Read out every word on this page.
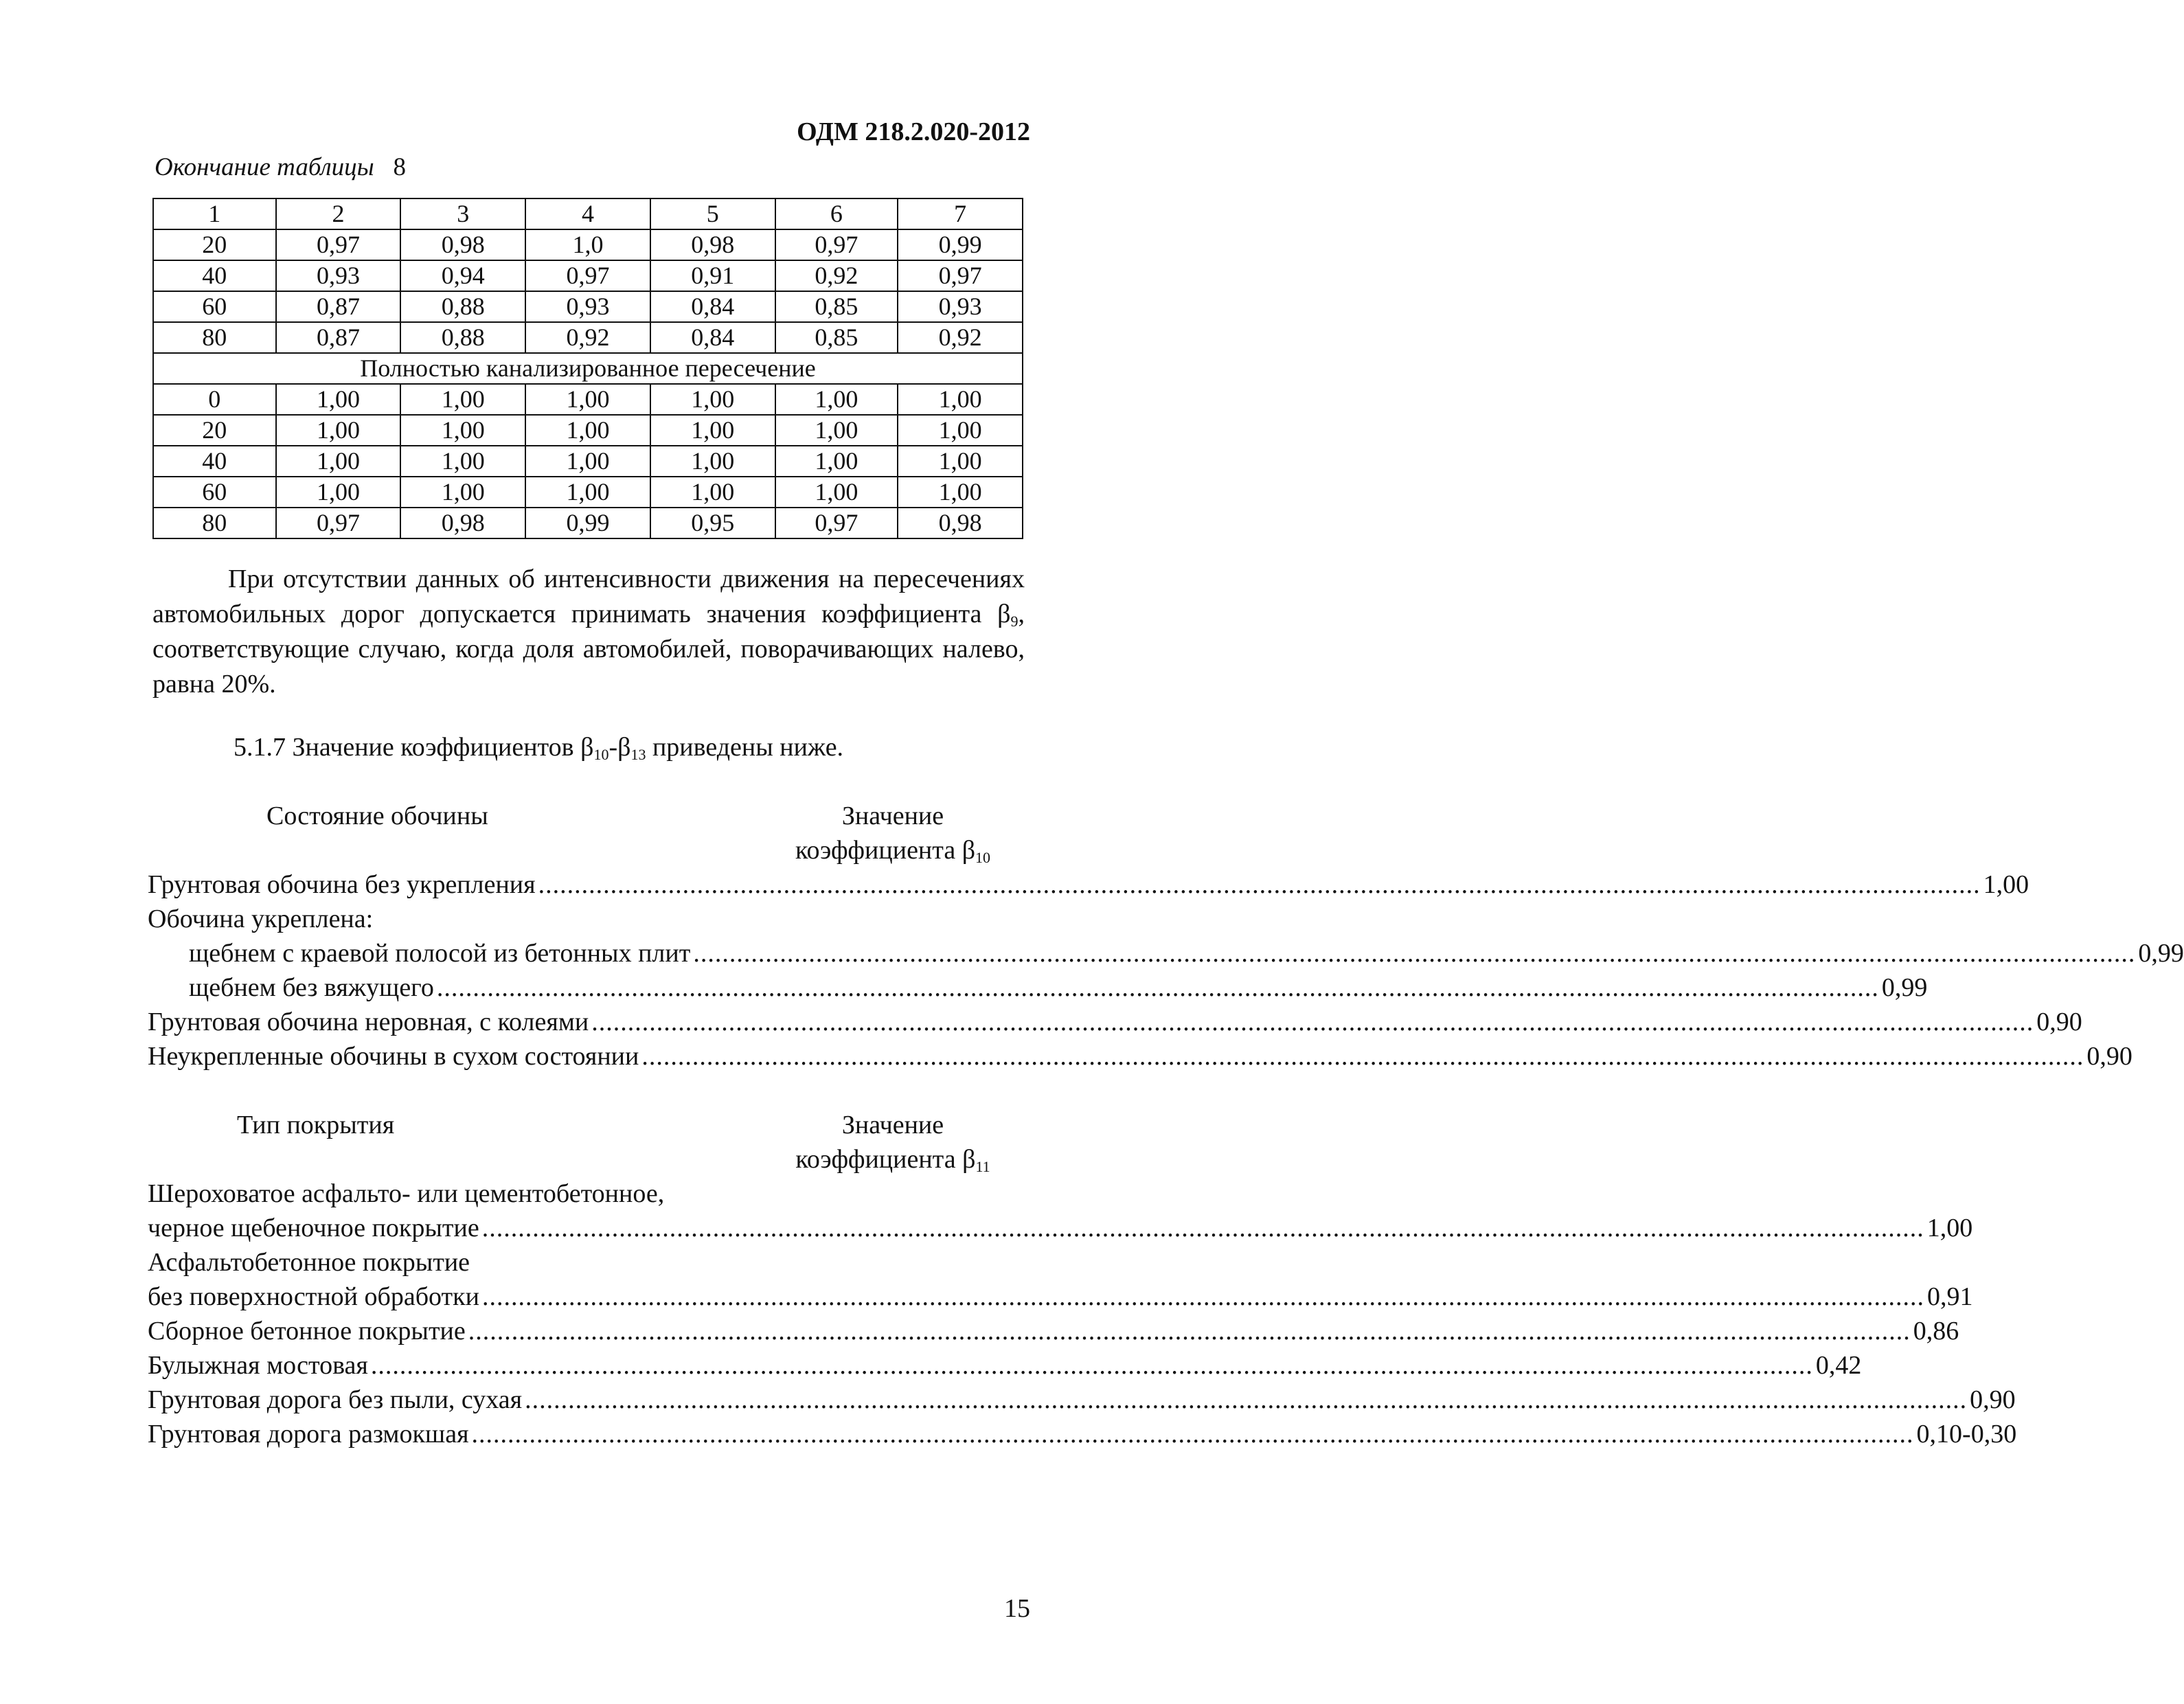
ОДМ 218.2.020-2012
Окончание таблицы 8
1	2	3	4	5	6	7
20	0,97	0,98	1,0	0,98	0,97	0,99
40	0,93	0,94	0,97	0,91	0,92	0,97
60	0,87	0,88	0,93	0,84	0,85	0,93
80	0,87	0,88	0,92	0,84	0,85	0,92
Полностью канализированное пересечение						
0	1,00	1,00	1,00	1,00	1,00	1,00
20	1,00	1,00	1,00	1,00	1,00	1,00
40	1,00	1,00	1,00	1,00	1,00	1,00
60	1,00	1,00	1,00	1,00	1,00	1,00
80	0,97	0,98	0,99	0,95	0,97	0,98
При отсутствии данных об интенсивности движения на пересечениях автомобильных дорог допускается принимать значения коэффициента $\beta_9$, соответствующие случаю, когда доля автомобилей, поворачивающих налево, равна 20%.
5.1.7 Значение коэффициентов $\beta_{10}-\beta_{13}$ приведены ниже.
Состояние обочины	Значение
коэффициента $\beta_{10}$
Грунтовая обочина без укрепления ........................................................................................................................................................................................................ 1,00
Обочина укреплена:
щебнем с краевой полосой из бетонных плит ........................................................................................................................................................................................................ 0,99
щебнем без вяжущего ........................................................................................................................................................................................................ 0,99
Грунтовая обочина неровная, с колеями ........................................................................................................................................................................................................ 0,90
Неукрепленные обочины в сухом состоянии ........................................................................................................................................................................................................ 0,90
Тип покрытия	Значение
коэффициента $\beta_{11}$
Шероховатое асфальто- или цементобетонное,
черное щебеночное покрытие ........................................................................................................................................................................................................ 1,00
Асфальтобетонное покрытие
без поверхностной обработки ........................................................................................................................................................................................................ 0,91
Сборное бетонное покрытие ........................................................................................................................................................................................................ 0,86
Булыжная мостовая ........................................................................................................................................................................................................ 0,42
Грунтовая дорога без пыли, сухая ........................................................................................................................................................................................................ 0,90
Грунтовая дорога размокшая ........................................................................................................................................................................................................ 0,10-0,30
15
